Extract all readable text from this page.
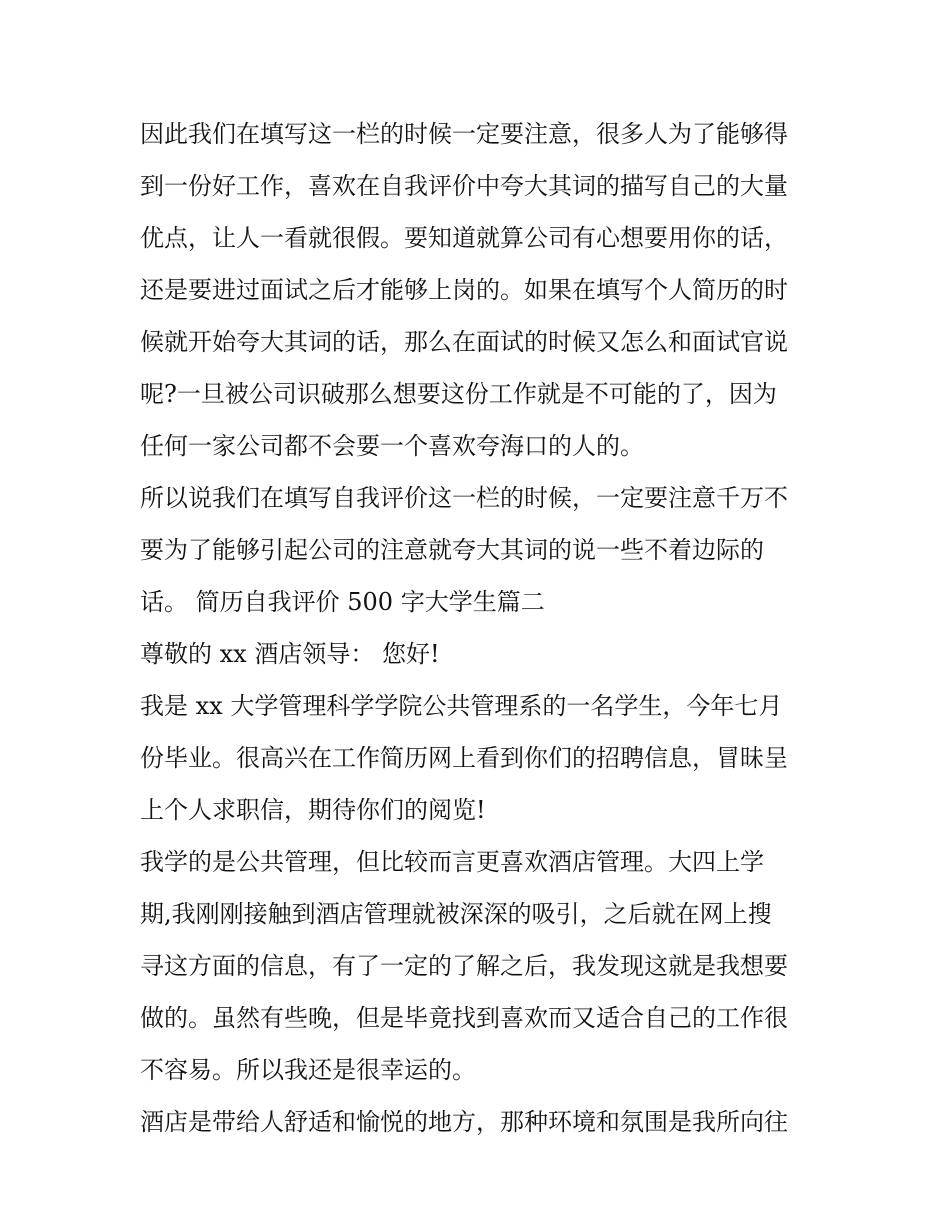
因此我们在填写这一栏的时候一定要注意，很多人为了能够得
到一份好工作，喜欢在自我评价中夸大其词的描写自己的大量
优点，让人一看就很假。要知道就算公司有心想要用你的话，
还是要进过面试之后才能够上岗的。如果在填写个人简历的时
候就开始夸大其词的话，那么在面试的时候又怎么和面试官说
呢?一旦被公司识破那么想要这份工作就是不可能的了，因为
任何一家公司都不会要一个喜欢夸海口的人的。
所以说我们在填写自我评价这一栏的时候，一定要注意千万不
要为了能够引起公司的注意就夸大其词的说一些不着边际的
话。 简历自我评价 500 字大学生篇二
尊敬的 xx 酒店领导： 您好!
我是 xx 大学管理科学学院公共管理系的一名学生，今年七月
份毕业。很高兴在工作简历网上看到你们的招聘信息，冒昧呈
上个人求职信，期待你们的阅览!
我学的是公共管理，但比较而言更喜欢酒店管理。大四上学
期,我刚刚接触到酒店管理就被深深的吸引，之后就在网上搜
寻这方面的信息，有了一定的了解之后，我发现这就是我想要
做的。虽然有些晚，但是毕竟找到喜欢而又适合自己的工作很
不容易。所以我还是很幸运的。
酒店是带给人舒适和愉悦的地方，那种环境和氛围是我所向往
